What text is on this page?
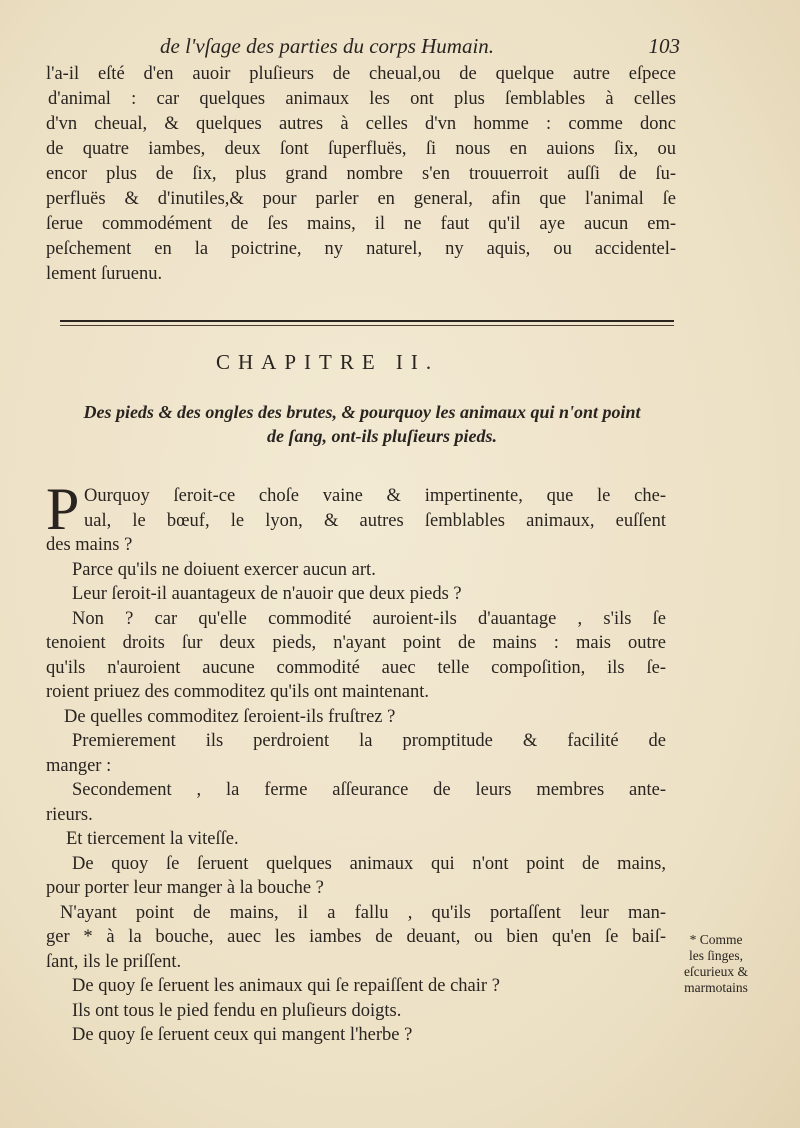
de l'vſage des parties du corps Humain.	103
l'a-il eſté d'en auoir pluſieurs de cheual,ou de quelque autre eſpece
d'animal : car quelques animaux les ont plus ſemblables à celles
d'vn cheual, & quelques autres à celles d'vn homme : comme donc
de quatre iambes, deux ſont ſuperfluës, ſi nous en auions ſix, ou
encor plus de ſix, plus grand nombre s'en trouuerroit auſſi de ſu-
perfluës & d'inutiles,& pour parler en general, afin que l'animal ſe
ſerue commodément de ſes mains, il ne faut qu'il aye aucun em-
peſchement en la poictrine, ny naturel, ny aquis, ou accidentel-
lement ſuruenu.
CHAPITRE II.
Des pieds & des ongles des brutes, & pourquoy les animaux qui n'ont point
de ſang, ont-ils pluſieurs pieds.
P Ourquoy ſeroit-ce choſe vaine & impertinente, que le che-
ual, le bœuf, le lyon, & autres ſemblables animaux, euſſent
des mains ?
Parce qu'ils ne doiuent exercer aucun art.
Leur ſeroit-il auantageux de n'auoir que deux pieds ?
Non ? car qu'elle commodité auroient-ils d'auantage , s'ils ſe
tenoient droits ſur deux pieds, n'ayant point de mains : mais outre
qu'ils n'auroient aucune commodité auec telle compoſition, ils ſe-
roient priuez des commoditez qu'ils ont maintenant.
De quelles commoditez ſeroient-ils fruſtrez ?
Premierement ils perdroient la promptitude & facilité de
manger :
Secondement , la ferme aſſeurance de leurs membres ante-
rieurs.
Et tiercement la viteſſe.
De quoy ſe ſeruent quelques animaux qui n'ont point de mains,
pour porter leur manger à la bouche ?
N'ayant point de mains, il a fallu , qu'ils portaſſent leur man-
ger * à la bouche, auec les iambes de deuant, ou bien qu'en ſe baiſ-
ſant, ils le priſſent.
De quoy ſe ſeruent les animaux qui ſe repaiſſent de chair ?
Ils ont tous le pied fendu en pluſieurs doigts.
De quoy ſe ſeruent ceux qui mangent l'herbe ?
* Comme
les ſinges,
eſcurieux &
marmotains
